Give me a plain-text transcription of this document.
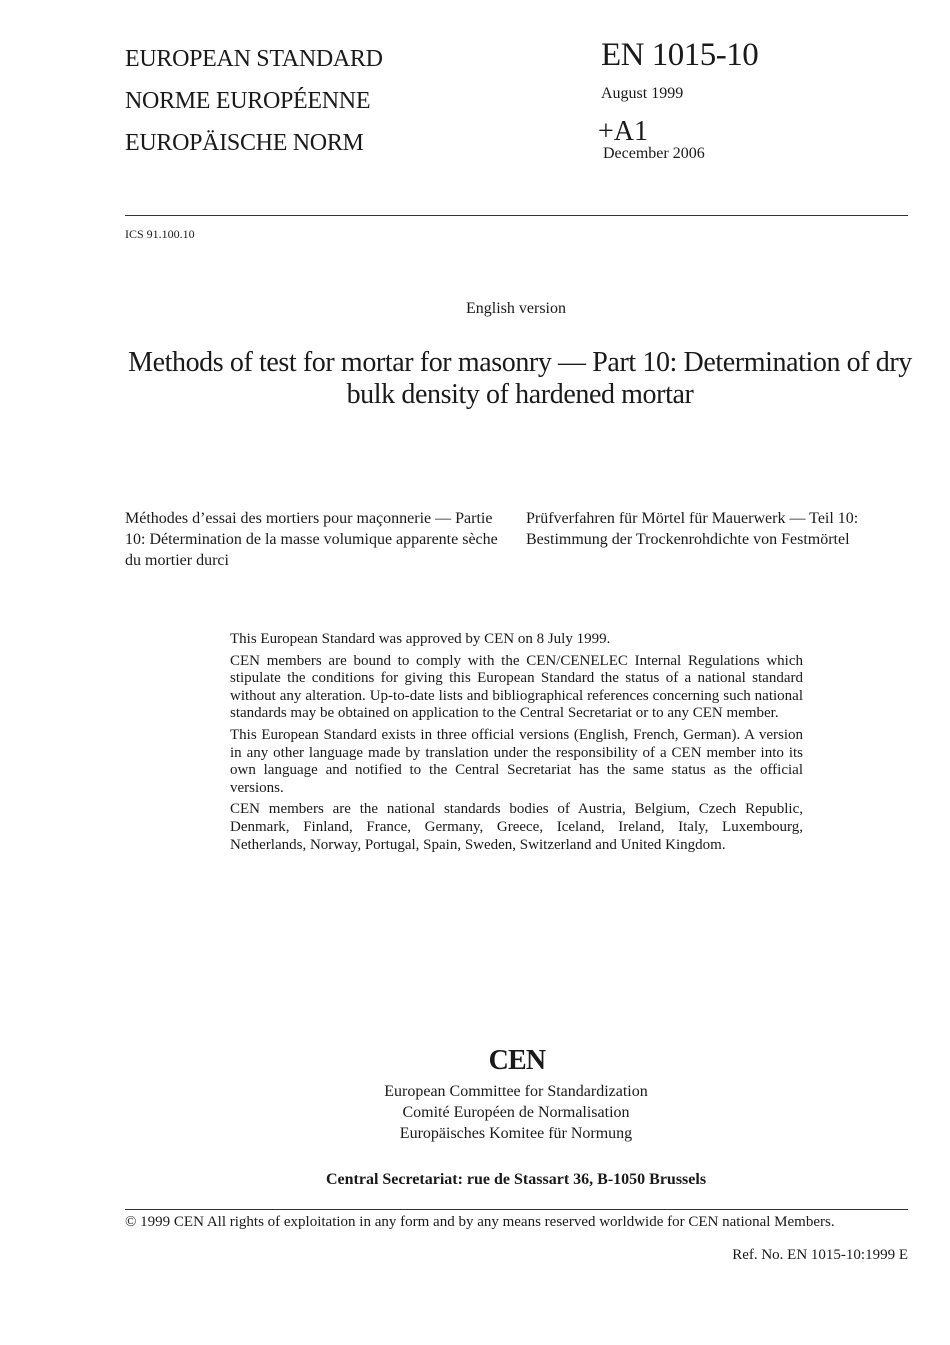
EUROPEAN STANDARD
NORME EUROPÉENNE
EUROPÄISCHE NORM
EN 1015-10
August 1999
+A1
December 2006
ICS 91.100.10
English version
Methods of test for mortar for masonry — Part 10: Determination of dry bulk density of hardened mortar
Méthodes d’essai des mortiers pour maçonnerie — Partie 10: Détermination de la masse volumique apparente sèche du mortier durci
Prüfverfahren für Mörtel für Mauerwerk — Teil 10: Bestimmung der Trockenrohdichte von Festmörtel

This European Standard was approved by CEN on 8 July 1999.

CEN members are bound to comply with the CEN/CENELEC Internal Regulations which stipulate the conditions for giving this European Standard the status of a national standard without any alteration. Up-to-date lists and bibliographical references concerning such national standards may be obtained on application to the Central Secretariat or to any CEN member.

This European Standard exists in three official versions (English, French, German). A version in any other language made by translation under the responsibility of a CEN member into its own language and notified to the Central Secretariat has the same status as the official versions.

CEN members are the national standards bodies of Austria, Belgium, Czech Republic, Denmark, Finland, France, Germany, Greece, Iceland, Ireland, Italy, Luxembourg, Netherlands, Norway, Portugal, Spain, Sweden, Switzerland and United Kingdom.

CEN
European Committee for Standardization
Comité Européen de Normalisation
Europäisches Komitee für Normung
Central Secretariat: rue de Stassart 36, B-1050 Brussels
© 1999 CEN All rights of exploitation in any form and by any means reserved worldwide for CEN national Members.
Ref. No. EN 1015-10:1999 E
